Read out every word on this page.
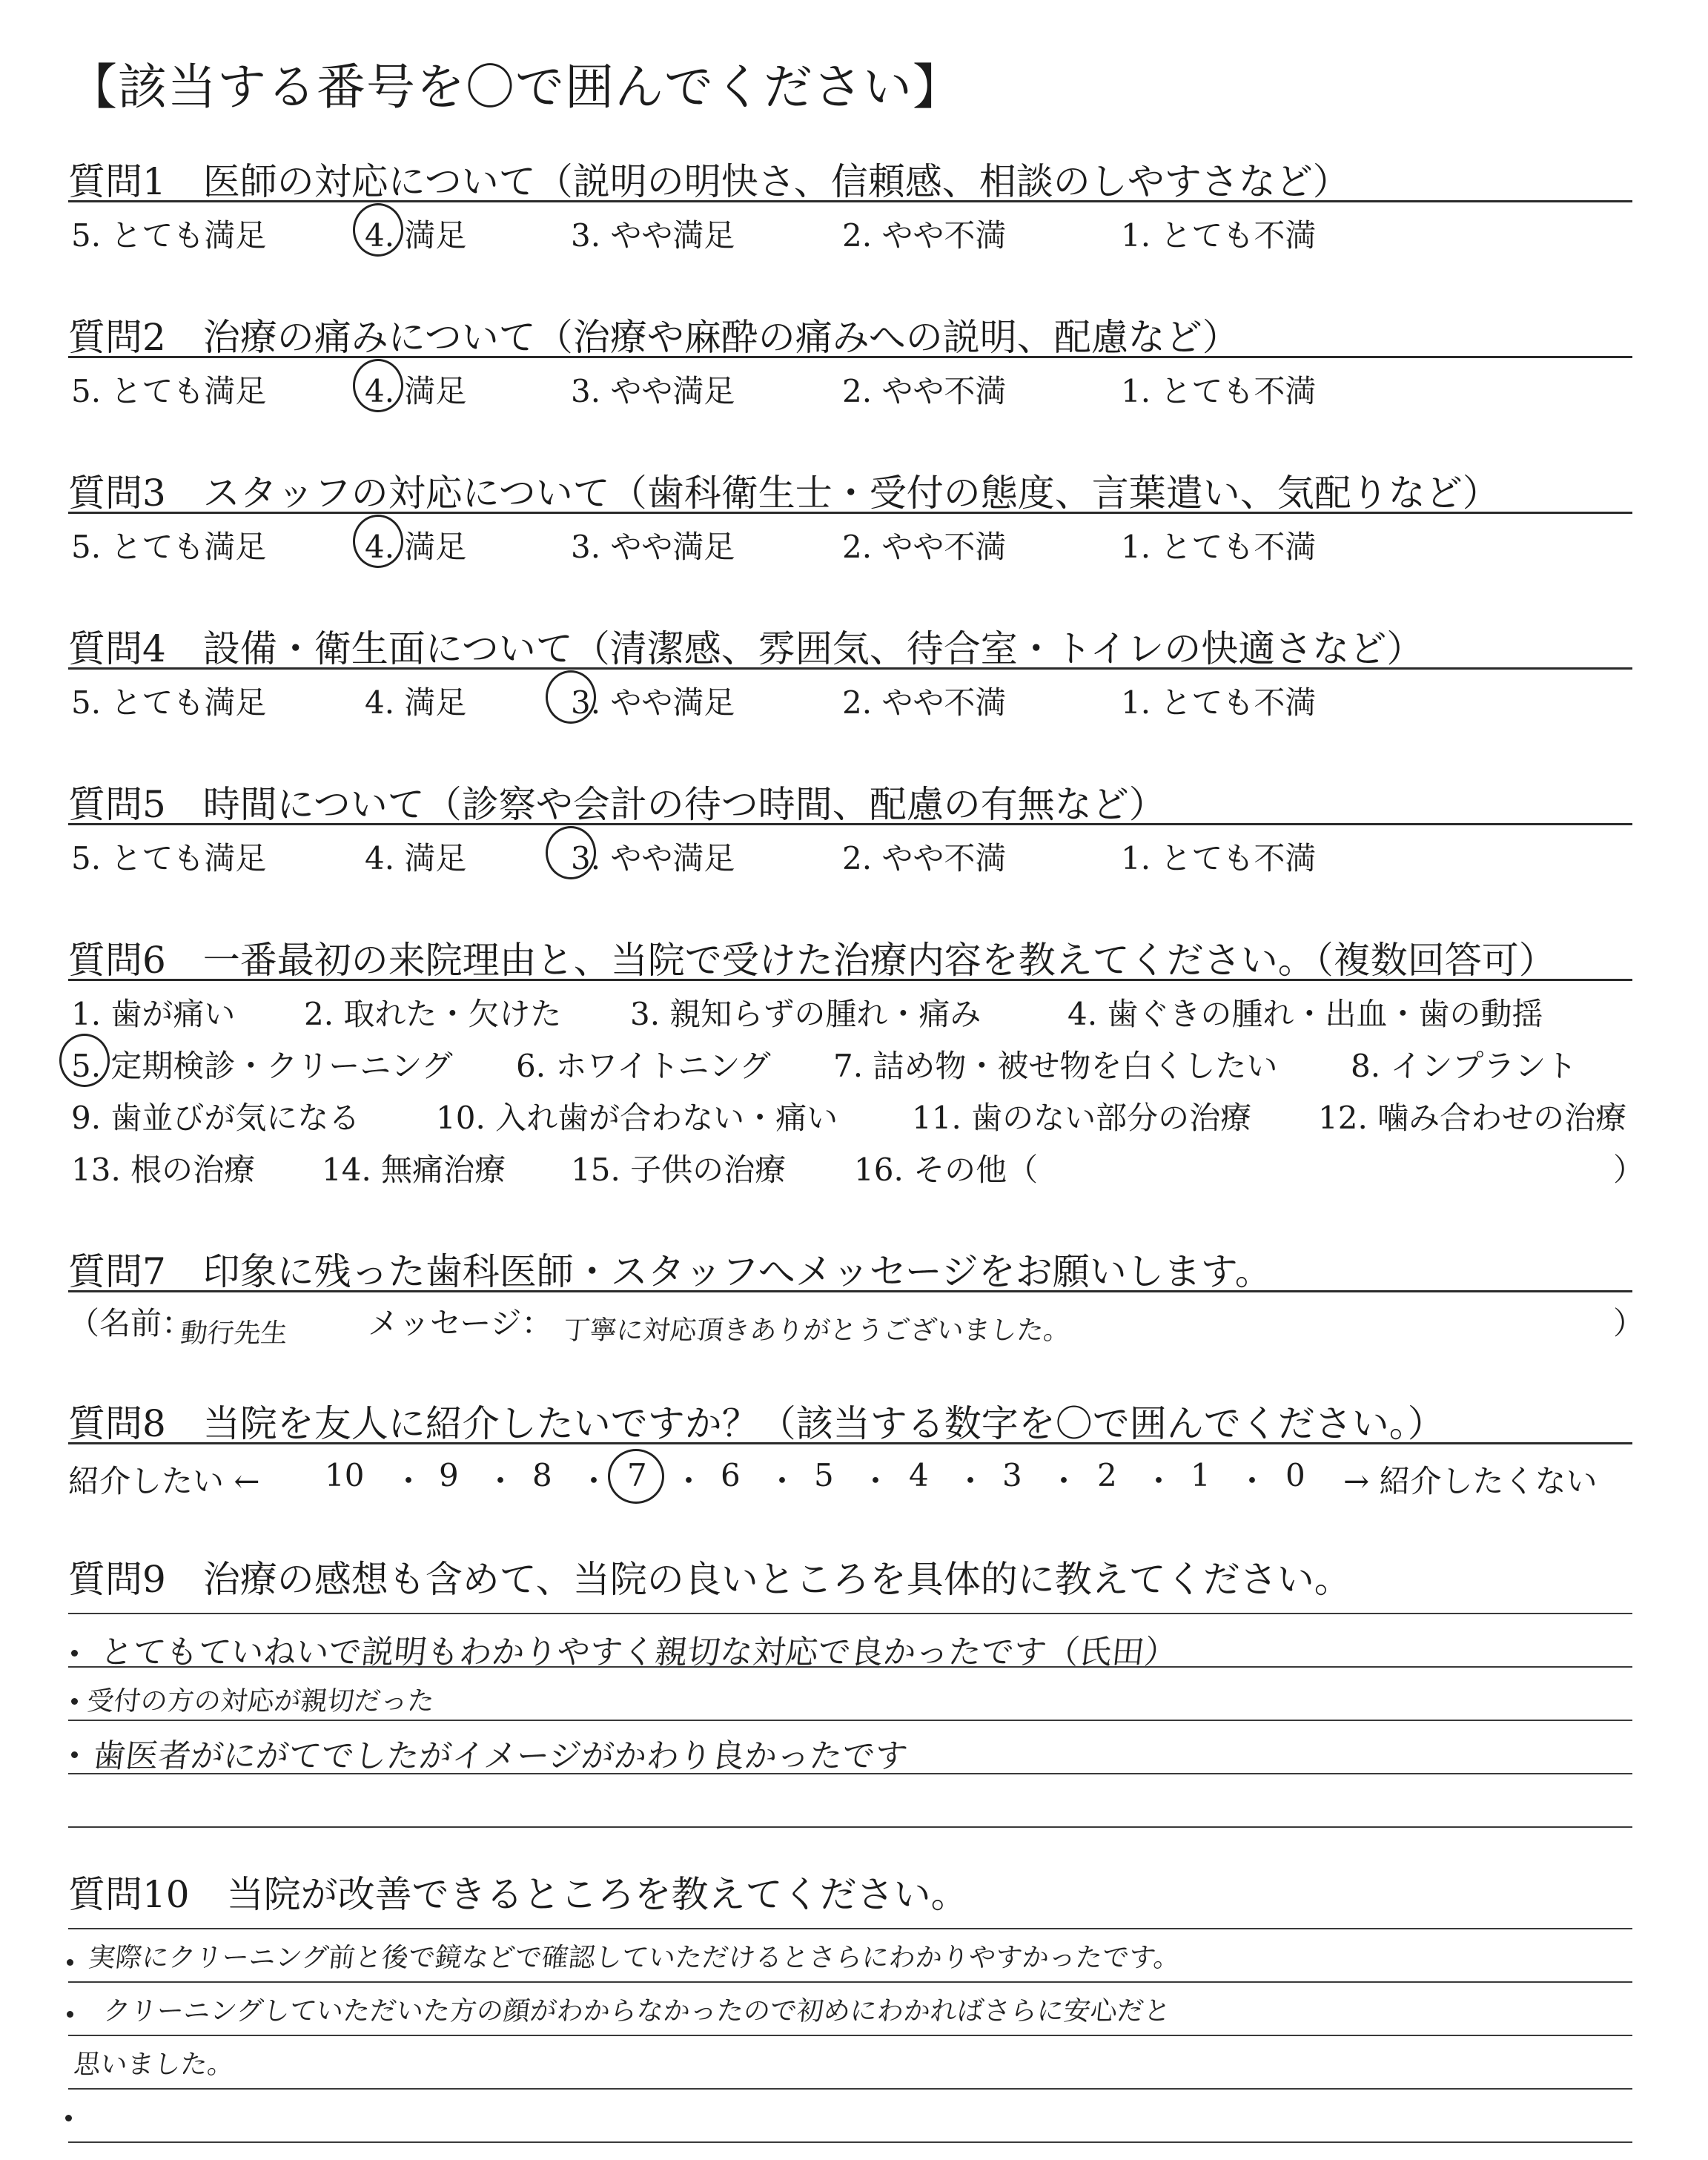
【該当する番号を〇で囲んでください】
質問1　医師の対応について（説明の明快さ、信頼感、相談のしやすさなど）
5. とても満足	4. 満足	3. やや満足	2. やや不満	1. とても不満
質問2　治療の痛みについて（治療や麻酔の痛みへの説明、配慮など）
5. とても満足	4. 満足	3. やや満足	2. やや不満	1. とても不満
質問3　スタッフの対応について（歯科衛生士・受付の態度、言葉遣い、気配りなど）
5. とても満足	4. 満足	3. やや満足	2. やや不満	1. とても不満
質問4　設備・衛生面について（清潔感、雰囲気、待合室・トイレの快適さなど）
5. とても満足	4. 満足	3. やや満足	2. やや不満	1. とても不満
質問5　時間について（診察や会計の待つ時間、配慮の有無など）
5. とても満足	4. 満足	3. やや満足	2. やや不満	1. とても不満
質問6　一番最初の来院理由と、当院で受けた治療内容を教えてください。（複数回答可）
1. 歯が痛い 2. 取れた・欠けた 3. 親知らずの腫れ・痛み	4. 歯ぐきの腫れ・出血・歯の動揺
5. 定期検診・クリーニング 6. ホワイトニング 7. 詰め物・被せ物を白くしたい 8. インプラント
9. 歯並びが気になる 10. 入れ歯が合わない・痛い 11. 歯のない部分の治療 12. 噛み合わせの治療
13. 根の治療 14. 無痛治療 15. 子供の治療 16. その他（	）
質問7　印象に残った歯科医師・スタッフへメッセージをお願いします。
（名前：
動行先生	メッセージ： 丁寧に対応頂きありがとうございました。	）
質問8　当院を友人に紹介したいですか？（該当する数字を〇で囲んでください。）
紹介したい ← 10 ・ 9 ・ 8 ・ 7 ・ 6 ・ 5 ・ 4 ・ 3 ・ 2 ・ 1 ・ 0 → 紹介したくない
質問9　治療の感想も含めて、当院の良いところを具体的に教えてください。
とてもていねいで説明もわかりやすく親切な対応で良かったです（氏田）
受付の方の対応が親切だった
歯医者がにがてでしたがイメージがかわり良かったです
質問10　当院が改善できるところを教えてください。
実際にクリーニング前と後で鏡などで確認していただけるとさらにわかりやすかったです。
クリーニングしていただいた方の顔がわからなかったので初めにわかればさらに安心だと
思いました。
